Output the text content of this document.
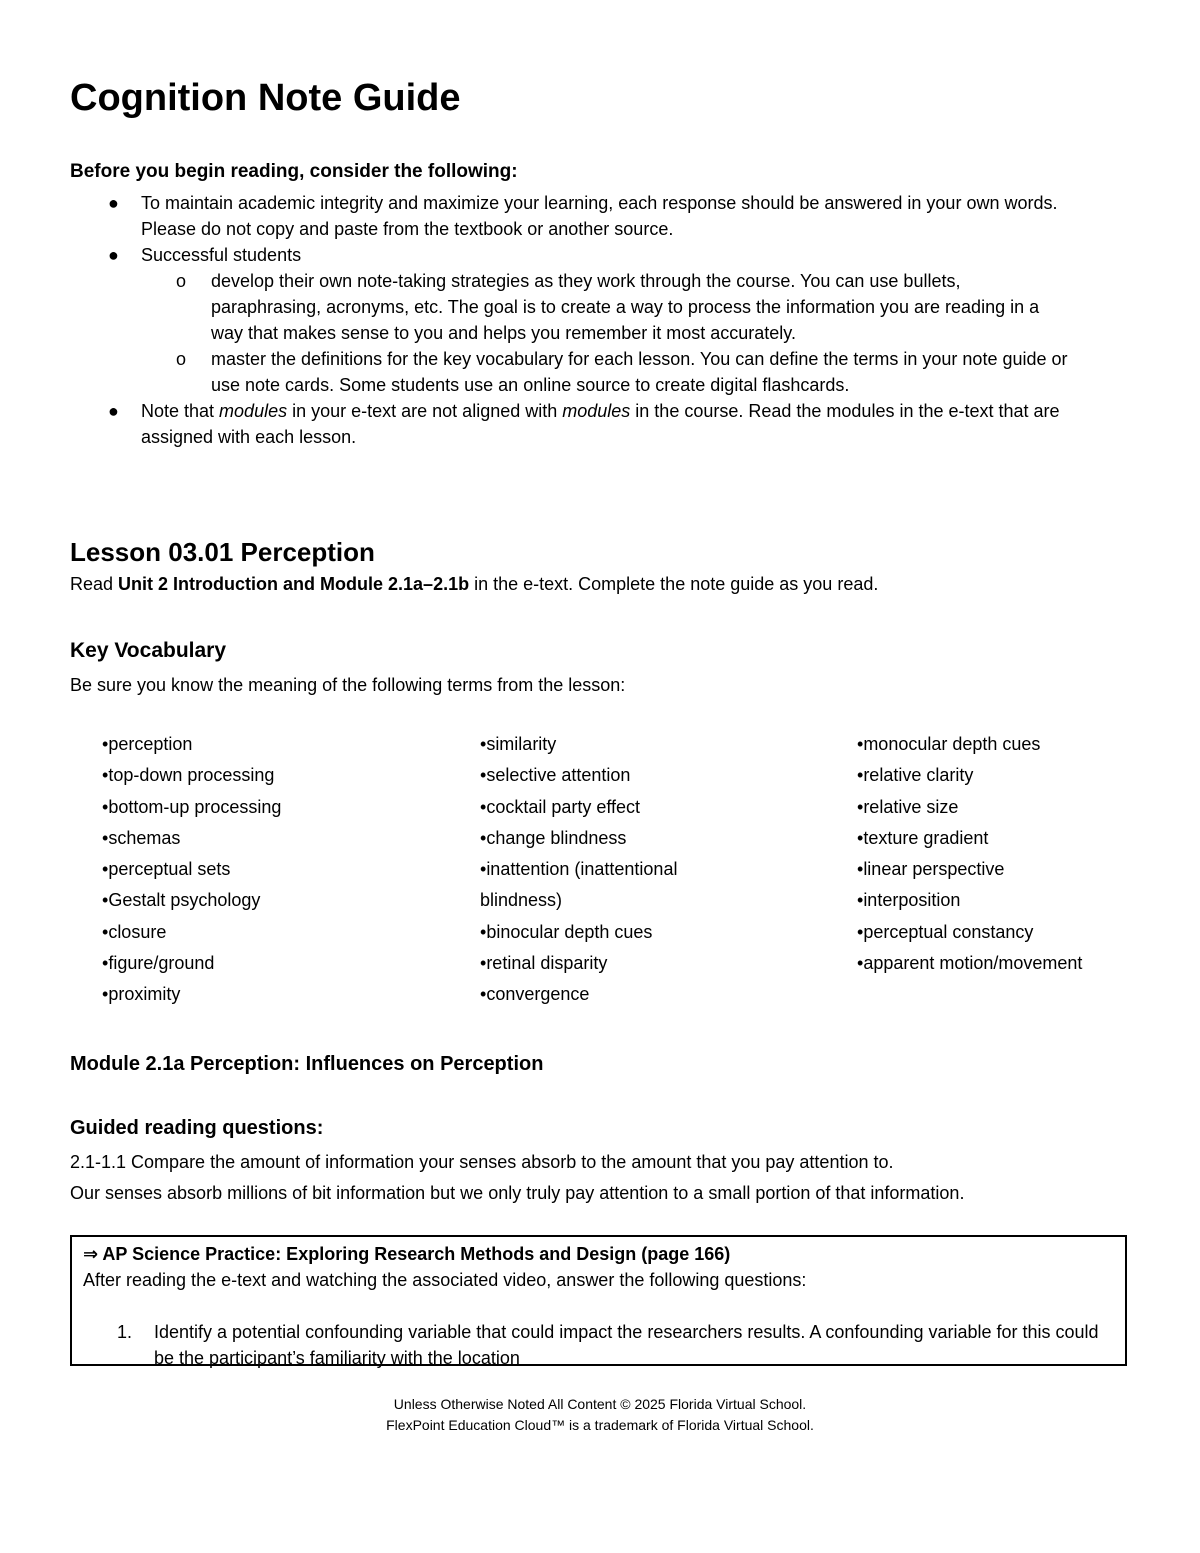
Cognition Note Guide

Before you begin reading, consider the following:

● To maintain academic integrity and maximize your learning, each response should be answered in your own words. Please do not copy and paste from the textbook or another source.

● Successful students

o develop their own note-taking strategies as they work through the course. You can use bullets, paraphrasing, acronyms, etc. The goal is to create a way to process the information you are reading in a way that makes sense to you and helps you remember it most accurately.

o master the definitions for the key vocabulary for each lesson. You can define the terms in your note guide or use note cards. Some students use an online source to create digital flashcards.

● Note that modules in your e-text are not aligned with modules in the course. Read the modules in the e-text that are assigned with each lesson.

Lesson 03.01 Perception

Read Unit 2 Introduction and Module 2.1a–2.1b in the e-text. Complete the note guide as you read.

Key Vocabulary

Be sure you know the meaning of the following terms from the lesson:

•perception
•top-down processing
•bottom-up processing
•schemas
•perceptual sets
•Gestalt psychology
•closure
•figure/ground
•proximity
•similarity
•selective attention
•cocktail party effect
•change blindness
•inattention (inattentional
blindness)
•binocular depth cues
•retinal disparity
•convergence
•monocular depth cues
•relative clarity
•relative size
•texture gradient
•linear perspective
•interposition
•perceptual constancy
•apparent motion/movement
Module 2.1a Perception: Influences on Perception
Guided reading questions:

2.1-1.1 Compare the amount of information your senses absorb to the amount that you pay attention to.

Our senses absorb millions of bit information but we only truly pay attention to a small portion of that information.

⇒ AP Science Practice: Exploring Research Methods and Design (page 166)

After reading the e-text and watching the associated video, answer the following questions:

1.	Identify a potential confounding variable that could impact the researchers results. A confounding variable for this could be the participant’s familiarity with the location

Unless Otherwise Noted All Content © 2025 Florida Virtual School.
FlexPoint Education Cloud™ is a trademark of Florida Virtual School.
